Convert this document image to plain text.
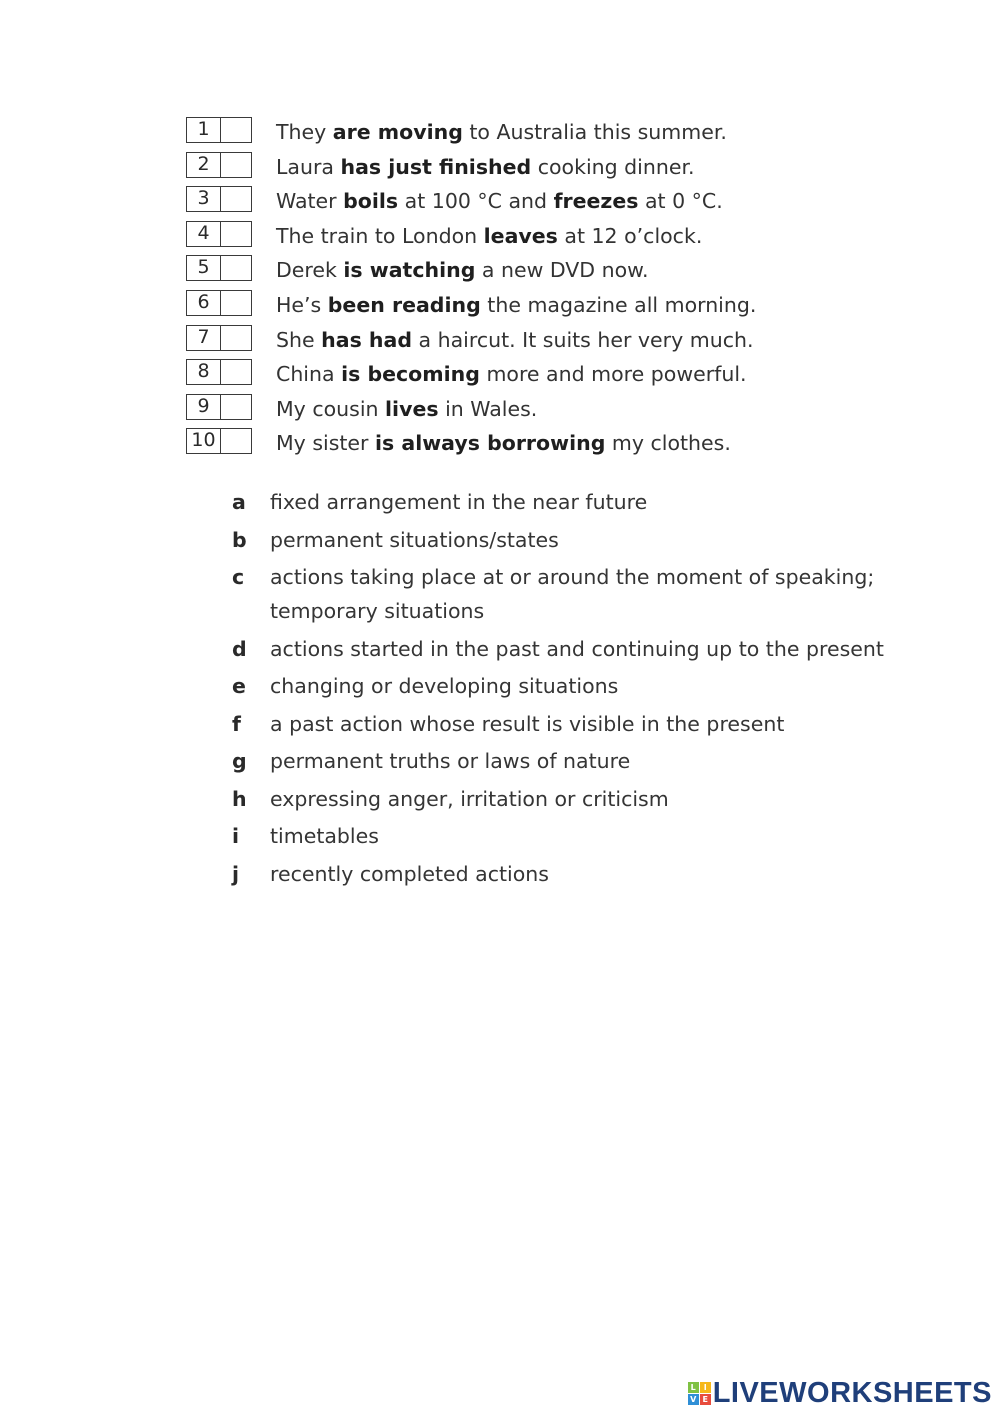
1	They are moving to Australia this summer.
2	Laura has just finished cooking dinner.
3	Water boils at 100 °C and freezes at 0 °C.
4	The train to London leaves at 12 o’clock.
5	Derek is watching a new DVD now.
6	He’s been reading the magazine all morning.
7	She has had a haircut. It suits her very much.
8	China is becoming more and more powerful.
9	My cousin lives in Wales.
10	My sister is always borrowing my clothes.
a	fixed arrangement in the near future
b	permanent situations/states
c	actions taking place at or around the moment of speaking;
temporary situations
d	actions started in the past and continuing up to the present
e	changing or developing situations
f	a past action whose result is visible in the present
g	permanent truths or laws of nature
h	expressing anger, irritation or criticism
i	timetables
j	recently completed actions
L I
V E LIVEWORKSHEETS
